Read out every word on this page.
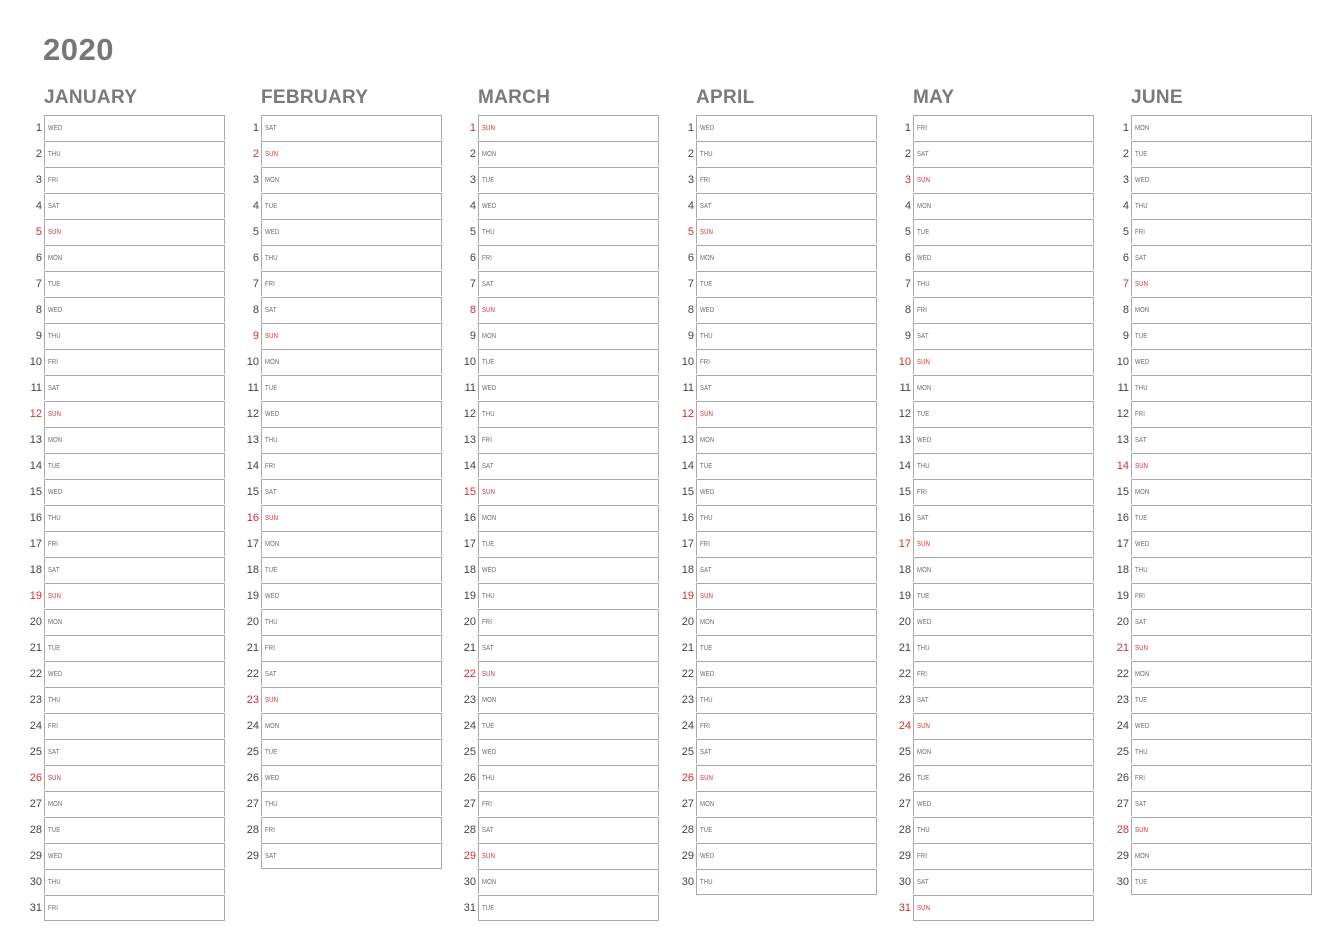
2020
JANUARY
1 WED
2 THU
3 FRI
4 SAT
5 SUN
6 MON
7 TUE
8 WED
9 THU
10 FRI
11 SAT
12 SUN
13 MON
14 TUE
15 WED
16 THU
17 FRI
18 SAT
19 SUN
20 MON
21 TUE
22 WED
23 THU
24 FRI
25 SAT
26 SUN
27 MON
28 TUE
29 WED
30 THU
31 FRI
FEBRUARY
1 SAT
2 SUN
3 MON
4 TUE
5 WED
6 THU
7 FRI
8 SAT
9 SUN
10 MON
11 TUE
12 WED
13 THU
14 FRI
15 SAT
16 SUN
17 MON
18 TUE
19 WED
20 THU
21 FRI
22 SAT
23 SUN
24 MON
25 TUE
26 WED
27 THU
28 FRI
29 SAT
MARCH
1 SUN
2 MON
3 TUE
4 WED
5 THU
6 FRI
7 SAT
8 SUN
9 MON
10 TUE
11 WED
12 THU
13 FRI
14 SAT
15 SUN
16 MON
17 TUE
18 WED
19 THU
20 FRI
21 SAT
22 SUN
23 MON
24 TUE
25 WED
26 THU
27 FRI
28 SAT
29 SUN
30 MON
31 TUE
APRIL
1 WED
2 THU
3 FRI
4 SAT
5 SUN
6 MON
7 TUE
8 WED
9 THU
10 FRI
11 SAT
12 SUN
13 MON
14 TUE
15 WED
16 THU
17 FRI
18 SAT
19 SUN
20 MON
21 TUE
22 WED
23 THU
24 FRI
25 SAT
26 SUN
27 MON
28 TUE
29 WED
30 THU
MAY
1 FRI
2 SAT
3 SUN
4 MON
5 TUE
6 WED
7 THU
8 FRI
9 SAT
10 SUN
11 MON
12 TUE
13 WED
14 THU
15 FRI
16 SAT
17 SUN
18 MON
19 TUE
20 WED
21 THU
22 FRI
23 SAT
24 SUN
25 MON
26 TUE
27 WED
28 THU
29 FRI
30 SAT
31 SUN
JUNE
1 MON
2 TUE
3 WED
4 THU
5 FRI
6 SAT
7 SUN
8 MON
9 TUE
10 WED
11 THU
12 FRI
13 SAT
14 SUN
15 MON
16 TUE
17 WED
18 THU
19 FRI
20 SAT
21 SUN
22 MON
23 TUE
24 WED
25 THU
26 FRI
27 SAT
28 SUN
29 MON
30 TUE
